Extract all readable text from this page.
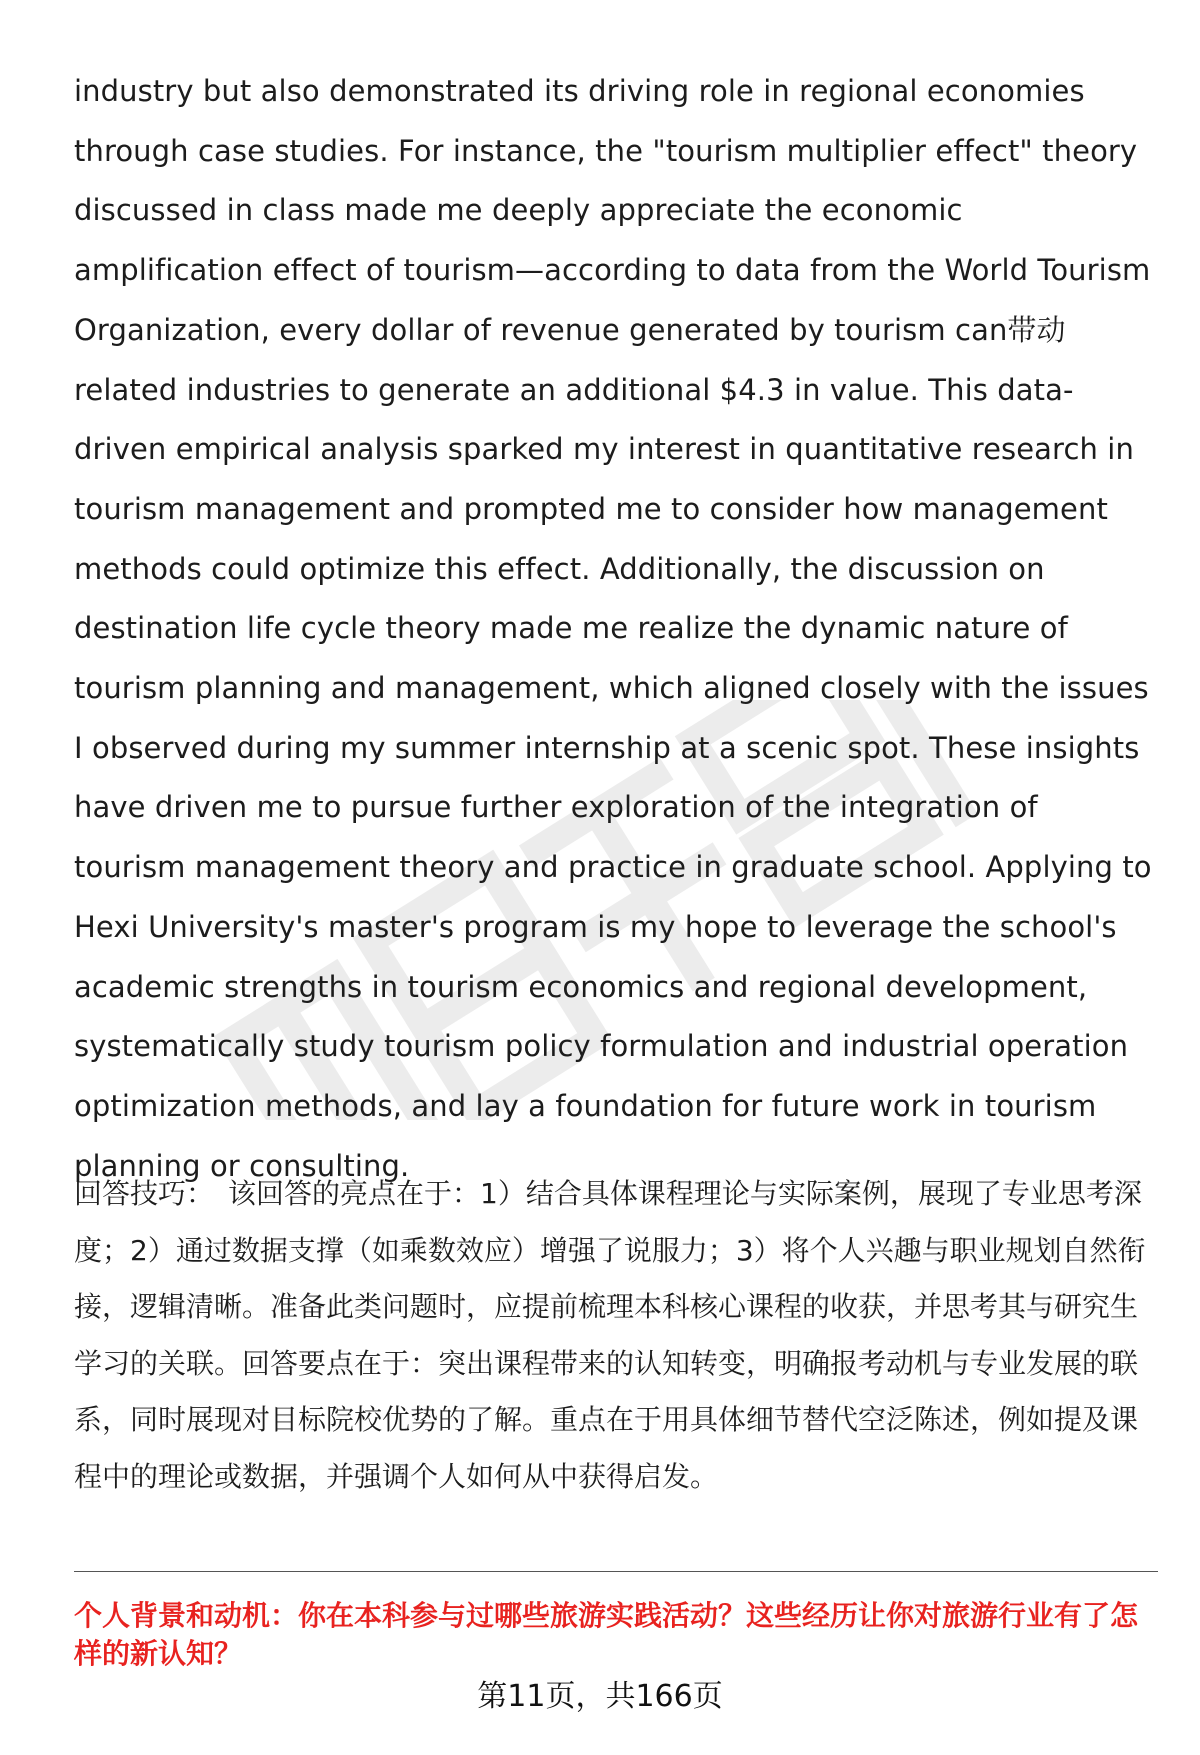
industry but also demonstrated its driving role in regional economies through case studies. For instance, the "tourism multiplier effect" theory discussed in class made me deeply appreciate the economic amplification effect of tourism—according to data from the World Tourism Organization, every dollar of revenue generated by tourism can带动 related industries to generate an additional $4.3 in value. This data-driven empirical analysis sparked my interest in quantitative research in tourism management and prompted me to consider how management methods could optimize this effect. Additionally, the discussion on destination life cycle theory made me realize the dynamic nature of tourism planning and management, which aligned closely with the issues I observed during my summer internship at a scenic spot. These insights have driven me to pursue further exploration of the integration of tourism management theory and practice in graduate school. Applying to Hexi University's master's program is my hope to leverage the school's academic strengths in tourism economics and regional development, systematically study tourism policy formulation and industrial operation optimization methods, and lay a foundation for future work in tourism planning or consulting.

回答技巧： 该回答的亮点在于：1）结合具体课程理论与实际案例，展现了专业思考深度；2）通过数据支撑（如乘数效应）增强了说服力；3）将个人兴趣与职业规划自然衔接，逻辑清晰。准备此类问题时，应提前梳理本科核心课程的收获，并思考其与研究生学习的关联。回答要点在于：突出课程带来的认知转变，明确报考动机与专业发展的联系，同时展现对目标院校优势的了解。重点在于用具体细节替代空泛陈述，例如提及课程中的理论或数据，并强调个人如何从中获得启发。

个人背景和动机：你在本科参与过哪些旅游实践活动？这些经历让你对旅游行业有了怎样的新认知？

第11页，共166页
